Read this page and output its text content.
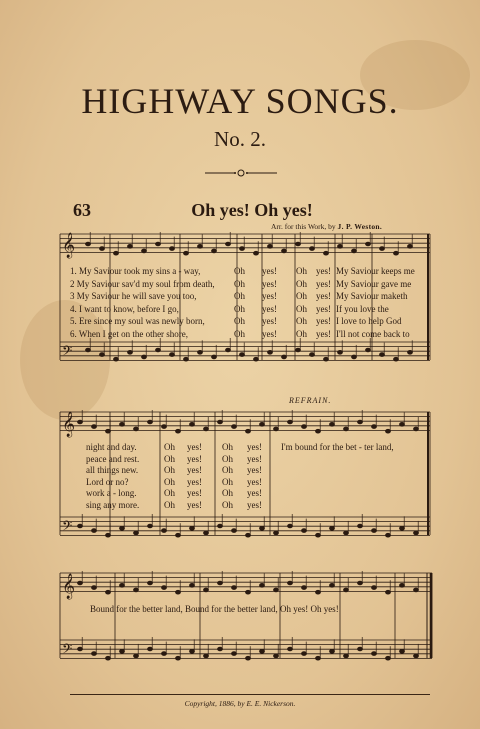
HIGHWAY SONGS.
No. 2.
63	Oh yes! Oh yes!
Arr. for this Work, by J. P. Weston.
𝄞
𝄞
𝄞
𝄢
𝄢
𝄢
1. My Saviour took my sins a - way,	Oh yes! Oh yes! My Saviour keeps me
2 My Saviour sav'd my soul from death,	Oh yes! Oh yes! My Saviour gave me
3 My Saviour he will save you too,	Oh yes! Oh yes! My Saviour maketh
4. I want to know, before I go,	Oh yes! Oh yes! If you love the
5. Ere since my soul was newly born,	Oh yes! Oh yes! I love to help God
6. When I get on the other shore,	Oh yes! Oh yes! I'll not come back to
REFRAIN.
I'm bound for the bet - ter land,
night and day.	Oh yes! Oh yes!
peace and rest.	Oh yes! Oh yes!
all things new.	Oh yes! Oh yes!
Lord or no?	Oh yes! Oh yes!
work a - long.	Oh yes! Oh yes!
sing any more.	Oh yes! Oh yes!
Bound for the better land, Bound for the better land, Oh yes! Oh yes!
Copyright, 1886, by E. E. Nickerson.
